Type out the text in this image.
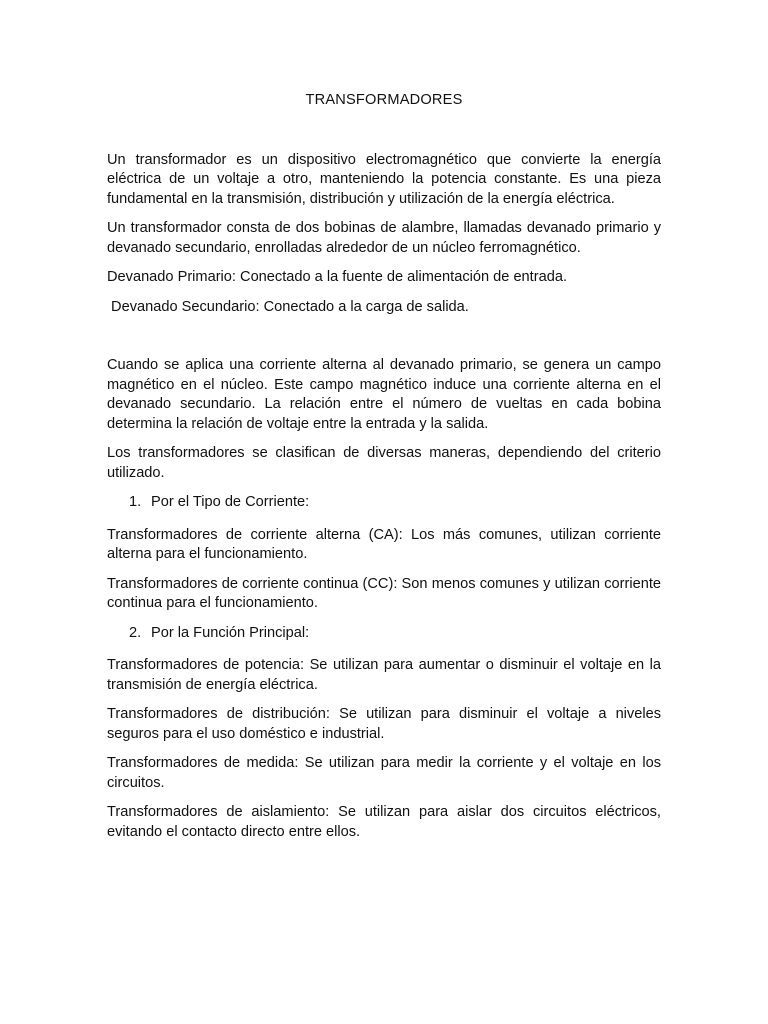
TRANSFORMADORES

Un transformador es un dispositivo electromagnético que convierte la energía eléctrica de un voltaje a otro, manteniendo la potencia constante. Es una pieza fundamental en la transmisión, distribución y utilización de la energía eléctrica.

Un transformador consta de dos bobinas de alambre, llamadas devanado primario y devanado secundario, enrolladas alrededor de un núcleo ferromagnético.

Devanado Primario: Conectado a la fuente de alimentación de entrada.

Devanado Secundario: Conectado a la carga de salida.

Cuando se aplica una corriente alterna al devanado primario, se genera un campo magnético en el núcleo. Este campo magnético induce una corriente alterna en el devanado secundario. La relación entre el número de vueltas en cada bobina determina la relación de voltaje entre la entrada y la salida.

Los transformadores se clasifican de diversas maneras, dependiendo del criterio utilizado.

1. Por el Tipo de Corriente:

Transformadores de corriente alterna (CA): Los más comunes, utilizan corriente alterna para el funcionamiento.

Transformadores de corriente continua (CC): Son menos comunes y utilizan corriente continua para el funcionamiento.

2. Por la Función Principal:

Transformadores de potencia: Se utilizan para aumentar o disminuir el voltaje en la transmisión de energía eléctrica.

Transformadores de distribución: Se utilizan para disminuir el voltaje a niveles seguros para el uso doméstico e industrial.

Transformadores de medida: Se utilizan para medir la corriente y el voltaje en los circuitos.

Transformadores de aislamiento: Se utilizan para aislar dos circuitos eléctricos, evitando el contacto directo entre ellos.
